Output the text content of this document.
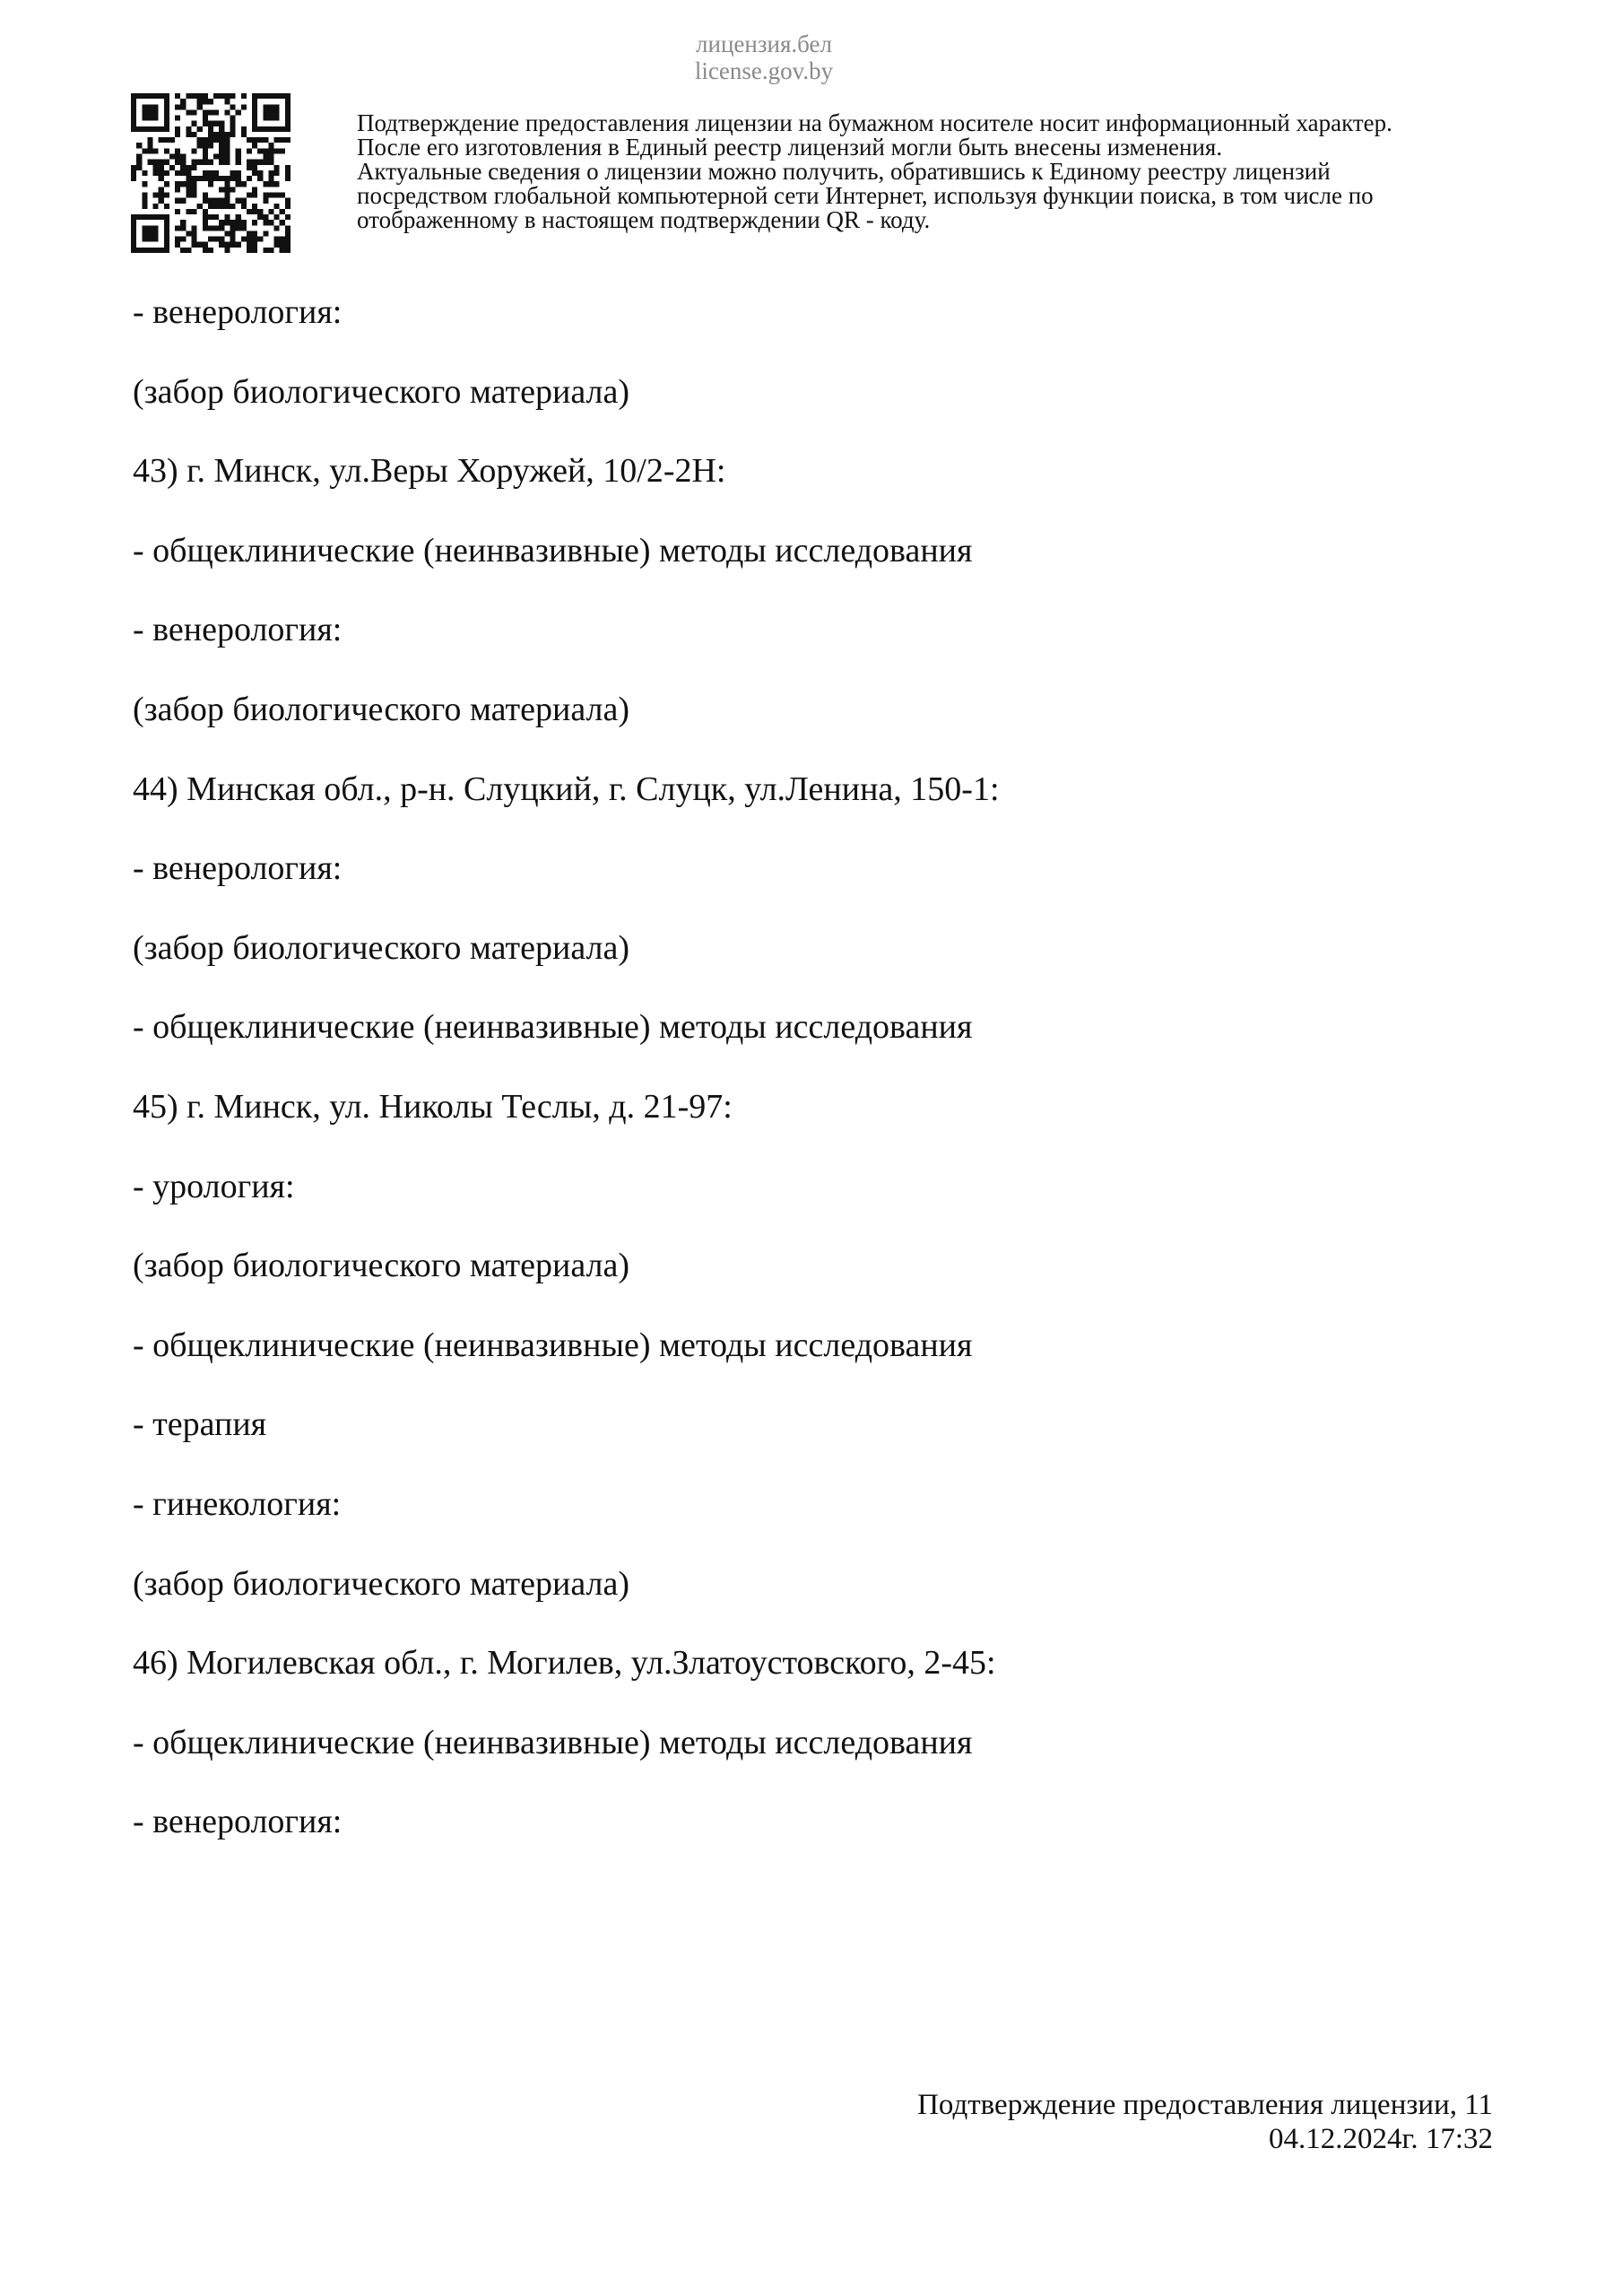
лицензия.бел
license.gov.by
Подтверждение предоставления лицензии на бумажном носителе носит информационный характер.
После его изготовления в Единый реестр лицензий могли быть внесены изменения.
Актуальные сведения о лицензии можно получить, обратившись к Единому реестру лицензий
посредством глобальной компьютерной сети Интернет, используя функции поиска, в том числе по
отображенному в настоящем подтверждении QR - коду.
- венерология:
(забор биологического материала)
43) г. Минск, ул.Веры Хоружей, 10/2-2Н:
- общеклинические (неинвазивные) методы исследования
- венерология:
(забор биологического материала)
44) Минская обл., р-н. Слуцкий, г. Слуцк, ул.Ленина, 150-1:
- венерология:
(забор биологического материала)
- общеклинические (неинвазивные) методы исследования
45) г. Минск, ул. Николы Теслы, д. 21-97:
- урология:
(забор биологического материала)
- общеклинические (неинвазивные) методы исследования
- терапия
- гинекология:
(забор биологического материала)
46) Могилевская обл., г. Могилев, ул.Златоустовского, 2-45:
- общеклинические (неинвазивные) методы исследования
- венерология:
Подтверждение предоставления лицензии, 11
04.12.2024г. 17:32
